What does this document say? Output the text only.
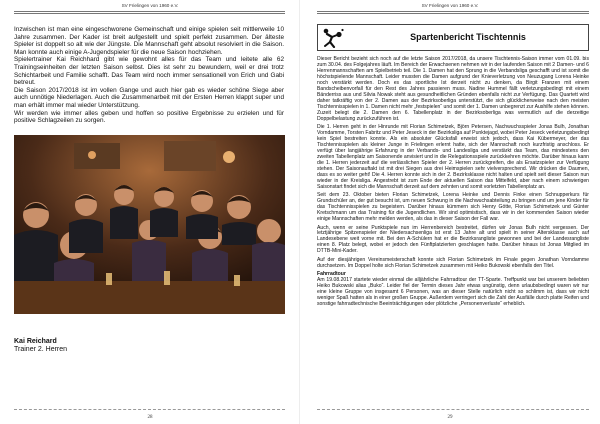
SV Frielingen von 1960 e.V.

Inzwischen ist man eine eingeschworene Gemeinschaft und einige spielen seit mittlerweile 10 Jahre zusammen. Der Kader ist breit aufgestellt und spielt perfekt zusammen. Der älteste Spieler ist doppelt so alt wie der Jüngste. Die Mannschaft geht absolut resolviert in die Saison. Man konnte auch einige A-Jugendspieler für die neue Saison hochziehen.

Spielertrainer Kai Reichhard gibt wie gewohnt alles für das Team und leitete alle 62 Trainingseinheiten der letzten Saison selbst. Dies ist sehr zu bewundern, weil er drei trotz Schichtarbeit und Familie schafft. Das Team wird noch immer sensationell von Erich und Gabi betreut.

Die Saison 2017/2018 ist im vollen Gange und auch hier gab es wieder schöne Siege aber auch unnötige Niederlagen. Auch die Zusammenarbeit mit der Ersten Herren klappt super und man erhält immer mal wieder Unterstützung.

Wir werden wie immer alles geben und hoffen so positive Ergebnisse zu erzielen und für positive Schlagzeilen zu sorgen.

Kai Reichard
Trainer 2. Herren
28
SV Frielingen von 1960 e.V.
Spartenbericht Tischtennis

Dieser Bericht bezieht sich noch auf die letzte Saison 2017/2018, da unsere Tischtennis-Saison immer vom 01.09. bis zum 30.04. des Folgejahres läuft. Im Bereich der Erwachsenen nehmen wir in der laufenden Saison mit 2 Damen- und 6 Herrenmannschaften am Spielbetrieb teil. Die 1. Damen hat den Sprung in die Verbandsliga geschafft und ist somit die höchstspielende Mannschaft. Leider mussten die Damen aufgrund der Knieverletzung von Neuzugang Lorena Heinke noch verstärkt werden. Doch es das sportliche Ist derzeit nicht zu denken, da Birgit Franzen mit einem Bandscheibenvorfall für den Rest des Jahres passieren muss. Nadine Hummel fällt verletzungsbedingt mit einem Bänderriss aus und Silvia Nowak steht aus gesundheitlichen Gründen ebenfalls nicht zur Verfügung. Das Quartett wird daher tatkräftig von der 2. Damen aus der Bezirksoberliga unterstützt, die sich glücklicherweise nach den meisten Tischtennisspielen in 1. Damen nicht mehr „festspielen“ und somit der 1. Damen unbegrenzt zur Aushilfe stehen können. Zuzeit belegt die 2. Damen den 6. Tabellenplatz in der Bezirksoberliga was vermutlich auf die derzeitige Doppelbelastung zurückzuführen ist.

Die 1. Herren geht in der Hinrunde mit Florian Schimetzek, Björn Petersen, Nachwuchsspieler Jonas Bulh, Jonathan Vorndamme, Torsten Fabritz und Peter Jeseck in der Bezirksliga auf Punktejagd, wobei Peter Jeseck verletzungsbedingt kein Spiel bestreiten konnte. Als ein absoluter Glücksfall erweist sich jedoch, dass Kai Kübermeyer, der das Tischtennisspielen als kleiner Junge in Frielingen erlernt hatte, sich der Mannschaft noch kurzfristig anschloss. Er verfügt über langjährige Erfahrung in der Verbands- und Landesliga und verstärkt das Team, das mindestens den zweiten Tabellenplatz am Saisonende anvisiert und in die Relegationsspiele zurückkehren möchte. Darüber hinaus kann die 1. Herren jederzeit auf die verlässlichen Spieler der 2. Herren zurückgreifen, die als Ersatzspieler zur Verfügung stehen. Der Saisonauftakt ist mit drei Siegen aus drei Heimspielen sehr vielversprechend. Wir drücken die Daumen, dass es so weiter geht! Die 4. Herren konnte sich in der 2. Bezirksklasse nicht halten und spielt seit dieser Saison nun wieder in der Kreisliga. Angestrebt ist zum Ende der aktuellen Saison das Mittelfeld, aber nach einem schwierigen Saisonstart findet sich die Mannschaft derzeit auf dem zehnten und somit vorletzten Tabellenplatz an.

Seit dem 23. Oktober bieten Florian Schimetzek, Lorena Heinke und Dennis Finke einen Schnupperkurs für Grundschüler an, der gut besucht ist, um neuen Schwung in die Nachwuchsabteilung zu bringen und um jene Kinder für das Tischtennisspielen zu begeistern. Darüber hinaus kümmern sich Henry Götte, Florian Schimetzek und Günter Kretschmann um das Training für die Jugendlichen. Wir sind optimistisch, dass wir in der kommenden Saison wieder einige Mannschaften mehr melden werden, als das in dieser Saison der Fall war.

Auch, wenn er seine Punktspiele nun im Herrenbereich bestreitet, dürfen wir Jonas Bulh nicht vergessen. Der letztjährige Spitzenspieler der Niedersachsenliga ist erst 13 Jahre alt und spielt in seiner Altersklasse auch auf Landesebene weit vorne mit. Bei den A-Schülern hat er die Bezirksrangliste gewonnen und bei der Landesrangliste einen 8. Platz belegt, wobei er jedoch den Fünftplatzierten geschlagen hatte. Darüber hinaus ist Jonas Mitglied im DTTB-Mini-Kader.

Auf der diesjährigen Vereinsmeisterschaft konnte sich Florian Schimetzek im Finale gegen Jonathan Vorndamme durchsetzen. Im Doppel holte sich Florian Schimetzek zusammen mit Heiko Bukowski ebenfalls den Titel.

Fahrradtour

Am 19.08.2017 startete wieder einmal die alljährliche Fahrradtour der TT-Sparte. Treffpunkt war bei unserem beliebten Heiko Bukowski alias „Buko“. Leider fiel der Termin dieses Jahr etwas ungünstig, denn urlaubsbedingt waren wir nur eine kleine Gruppe von insgesamt 6 Personen, was an dieser Stelle natürlich nicht so schlimm ist, dass wir nicht weniger Spaß hatten als in einer großen Gruppe. Außerdem verringert sich die Zahl der Ausfälle durch platte Reifen und sonstige fahrradtechnische Beeinträchtigungen oder plötzliche „Personenverluste“ erheblich.

29
